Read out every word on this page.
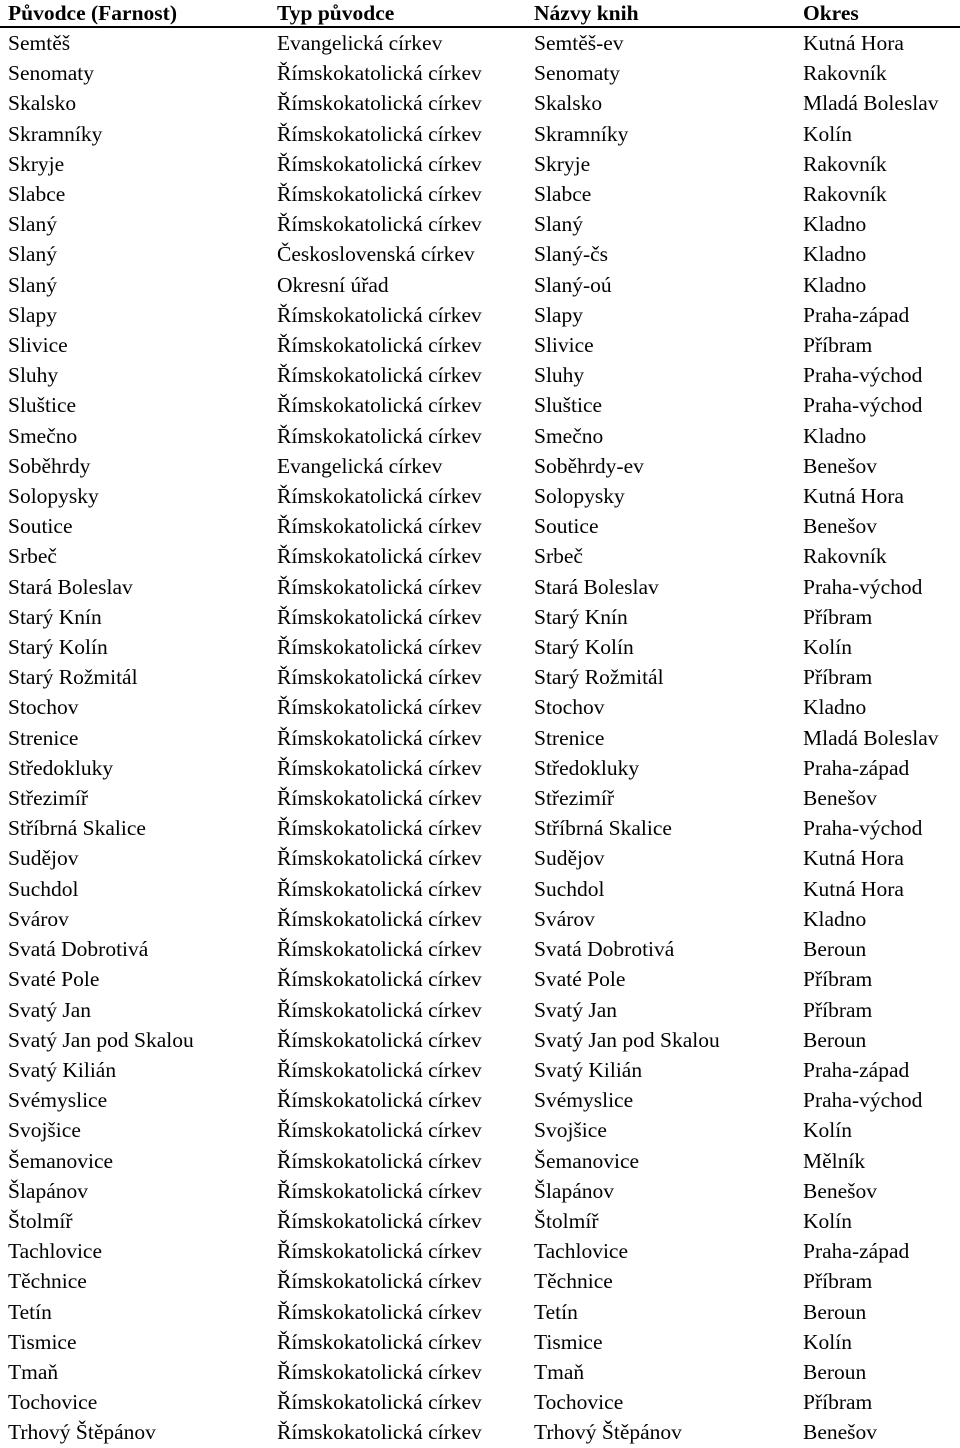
Původce (Farnost)	Typ původce	Názvy knih	Okres
Semtěš	Evangelická církev	Semtěš-ev	Kutná Hora
Senomaty	Římskokatolická církev	Senomaty	Rakovník
Skalsko	Římskokatolická církev	Skalsko	Mladá Boleslav
Skramníky	Římskokatolická církev	Skramníky	Kolín
Skryje	Římskokatolická církev	Skryje	Rakovník
Slabce	Římskokatolická církev	Slabce	Rakovník
Slaný	Římskokatolická církev	Slaný	Kladno
Slaný	Československá církev	Slaný-čs	Kladno
Slaný	Okresní úřad	Slaný-oú	Kladno
Slapy	Římskokatolická církev	Slapy	Praha-západ
Slivice	Římskokatolická církev	Slivice	Příbram
Sluhy	Římskokatolická církev	Sluhy	Praha-východ
Sluštice	Římskokatolická církev	Sluštice	Praha-východ
Smečno	Římskokatolická církev	Smečno	Kladno
Soběhrdy	Evangelická církev	Soběhrdy-ev	Benešov
Solopysky	Římskokatolická církev	Solopysky	Kutná Hora
Soutice	Římskokatolická církev	Soutice	Benešov
Srbeč	Římskokatolická církev	Srbeč	Rakovník
Stará Boleslav	Římskokatolická církev	Stará Boleslav	Praha-východ
Starý Knín	Římskokatolická církev	Starý Knín	Příbram
Starý Kolín	Římskokatolická církev	Starý Kolín	Kolín
Starý Rožmitál	Římskokatolická církev	Starý Rožmitál	Příbram
Stochov	Římskokatolická církev	Stochov	Kladno
Strenice	Římskokatolická církev	Strenice	Mladá Boleslav
Středokluky	Římskokatolická církev	Středokluky	Praha-západ
Střezimíř	Římskokatolická církev	Střezimíř	Benešov
Stříbrná Skalice	Římskokatolická církev	Stříbrná Skalice	Praha-východ
Sudějov	Římskokatolická církev	Sudějov	Kutná Hora
Suchdol	Římskokatolická církev	Suchdol	Kutná Hora
Svárov	Římskokatolická církev	Svárov	Kladno
Svatá Dobrotivá	Římskokatolická církev	Svatá Dobrotivá	Beroun
Svaté Pole	Římskokatolická církev	Svaté Pole	Příbram
Svatý Jan	Římskokatolická církev	Svatý Jan	Příbram
Svatý Jan pod Skalou	Římskokatolická církev	Svatý Jan pod Skalou	Beroun
Svatý Kilián	Římskokatolická církev	Svatý Kilián	Praha-západ
Svémyslice	Římskokatolická církev	Svémyslice	Praha-východ
Svojšice	Římskokatolická církev	Svojšice	Kolín
Šemanovice	Římskokatolická církev	Šemanovice	Mělník
Šlapánov	Římskokatolická církev	Šlapánov	Benešov
Štolmíř	Římskokatolická církev	Štolmíř	Kolín
Tachlovice	Římskokatolická církev	Tachlovice	Praha-západ
Těchnice	Římskokatolická církev	Těchnice	Příbram
Tetín	Římskokatolická církev	Tetín	Beroun
Tismice	Římskokatolická církev	Tismice	Kolín
Tmaň	Římskokatolická církev	Tmaň	Beroun
Tochovice	Římskokatolická církev	Tochovice	Příbram
Trhový Štěpánov	Římskokatolická církev	Trhový Štěpánov	Benešov
